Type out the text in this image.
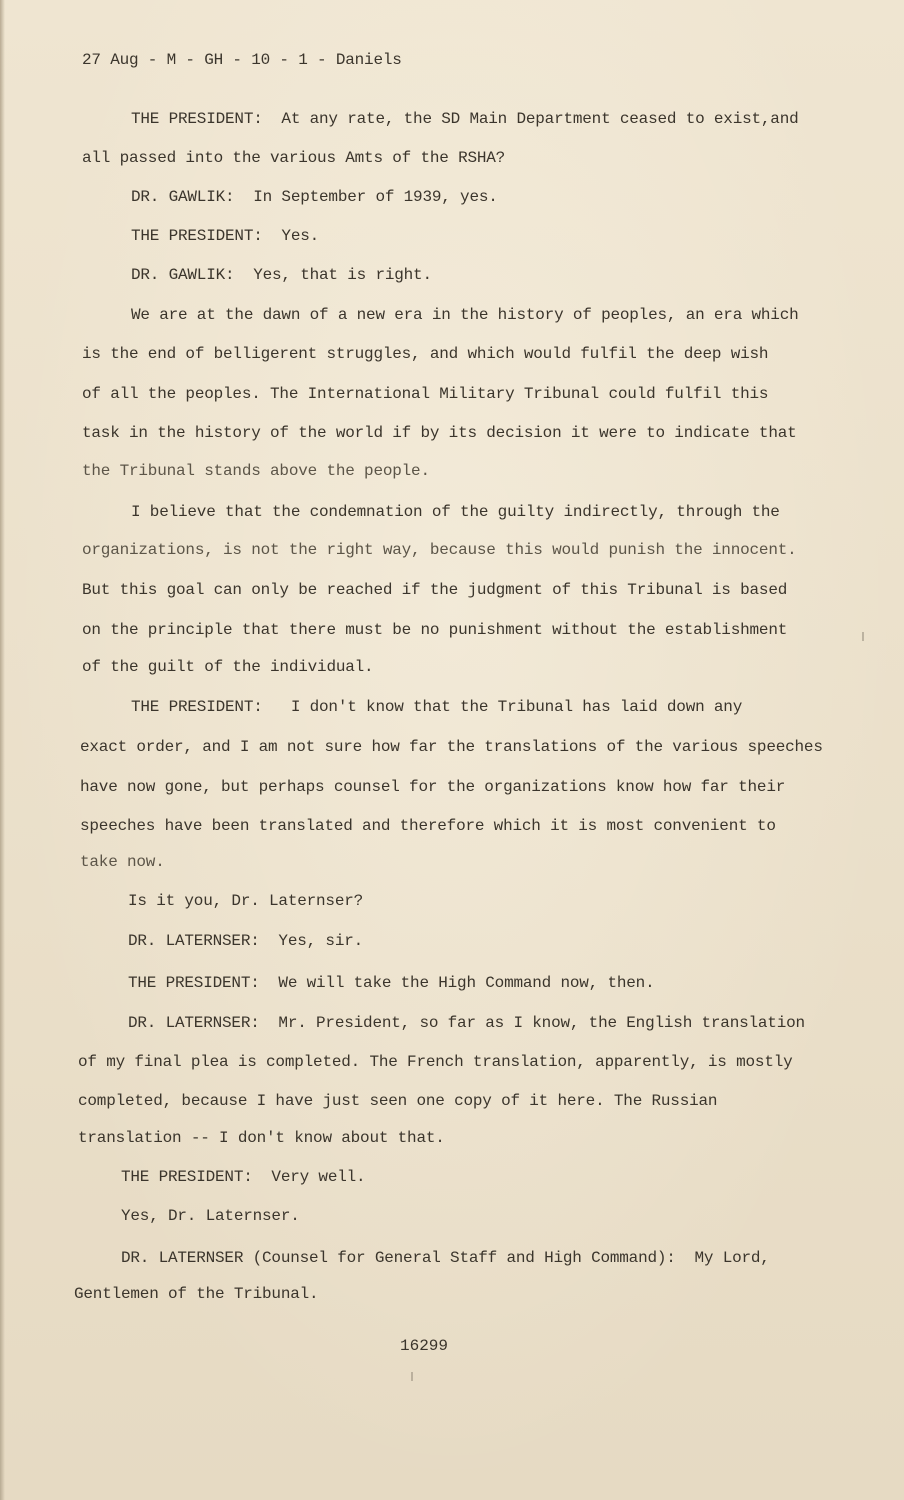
27 Aug - M - GH - 10 - 1 - Daniels

THE PRESIDENT:  At any rate, the SD Main Department ceased to exist,and

all passed into the various Amts of the RSHA?

DR. GAWLIK:  In September of 1939, yes.

THE PRESIDENT:  Yes.

DR. GAWLIK:  Yes, that is right.

We are at the dawn of a new era in the history of peoples, an era which

is the end of belligerent struggles, and which would fulfil the deep wish

of all the peoples. The International Military Tribunal could fulfil this

task in the history of the world if by its decision it were to indicate that

the Tribunal stands above the people.

I believe that the condemnation of the guilty indirectly, through the

organizations, is not the right way, because this would punish the innocent.

But this goal can only be reached if the judgment of this Tribunal is based

on the principle that there must be no punishment without the establishment

of the guilt of the individual.

THE PRESIDENT:   I don't know that the Tribunal has laid down any

exact order, and I am not sure how far the translations of the various speeches

have now gone, but perhaps counsel for the organizations know how far their

speeches have been translated and therefore which it is most convenient to

take now.

Is it you, Dr. Laternser?

DR. LATERNSER:  Yes, sir.

THE PRESIDENT:  We will take the High Command now, then.

DR. LATERNSER:  Mr. President, so far as I know, the English translation

of my final plea is completed. The French translation, apparently, is mostly

completed, because I have just seen one copy of it here. The Russian

translation -- I don't know about that.

THE PRESIDENT:  Very well.

Yes, Dr. Laternser.

DR. LATERNSER (Counsel for General Staff and High Command):  My Lord,

Gentlemen of the Tribunal.

16299
